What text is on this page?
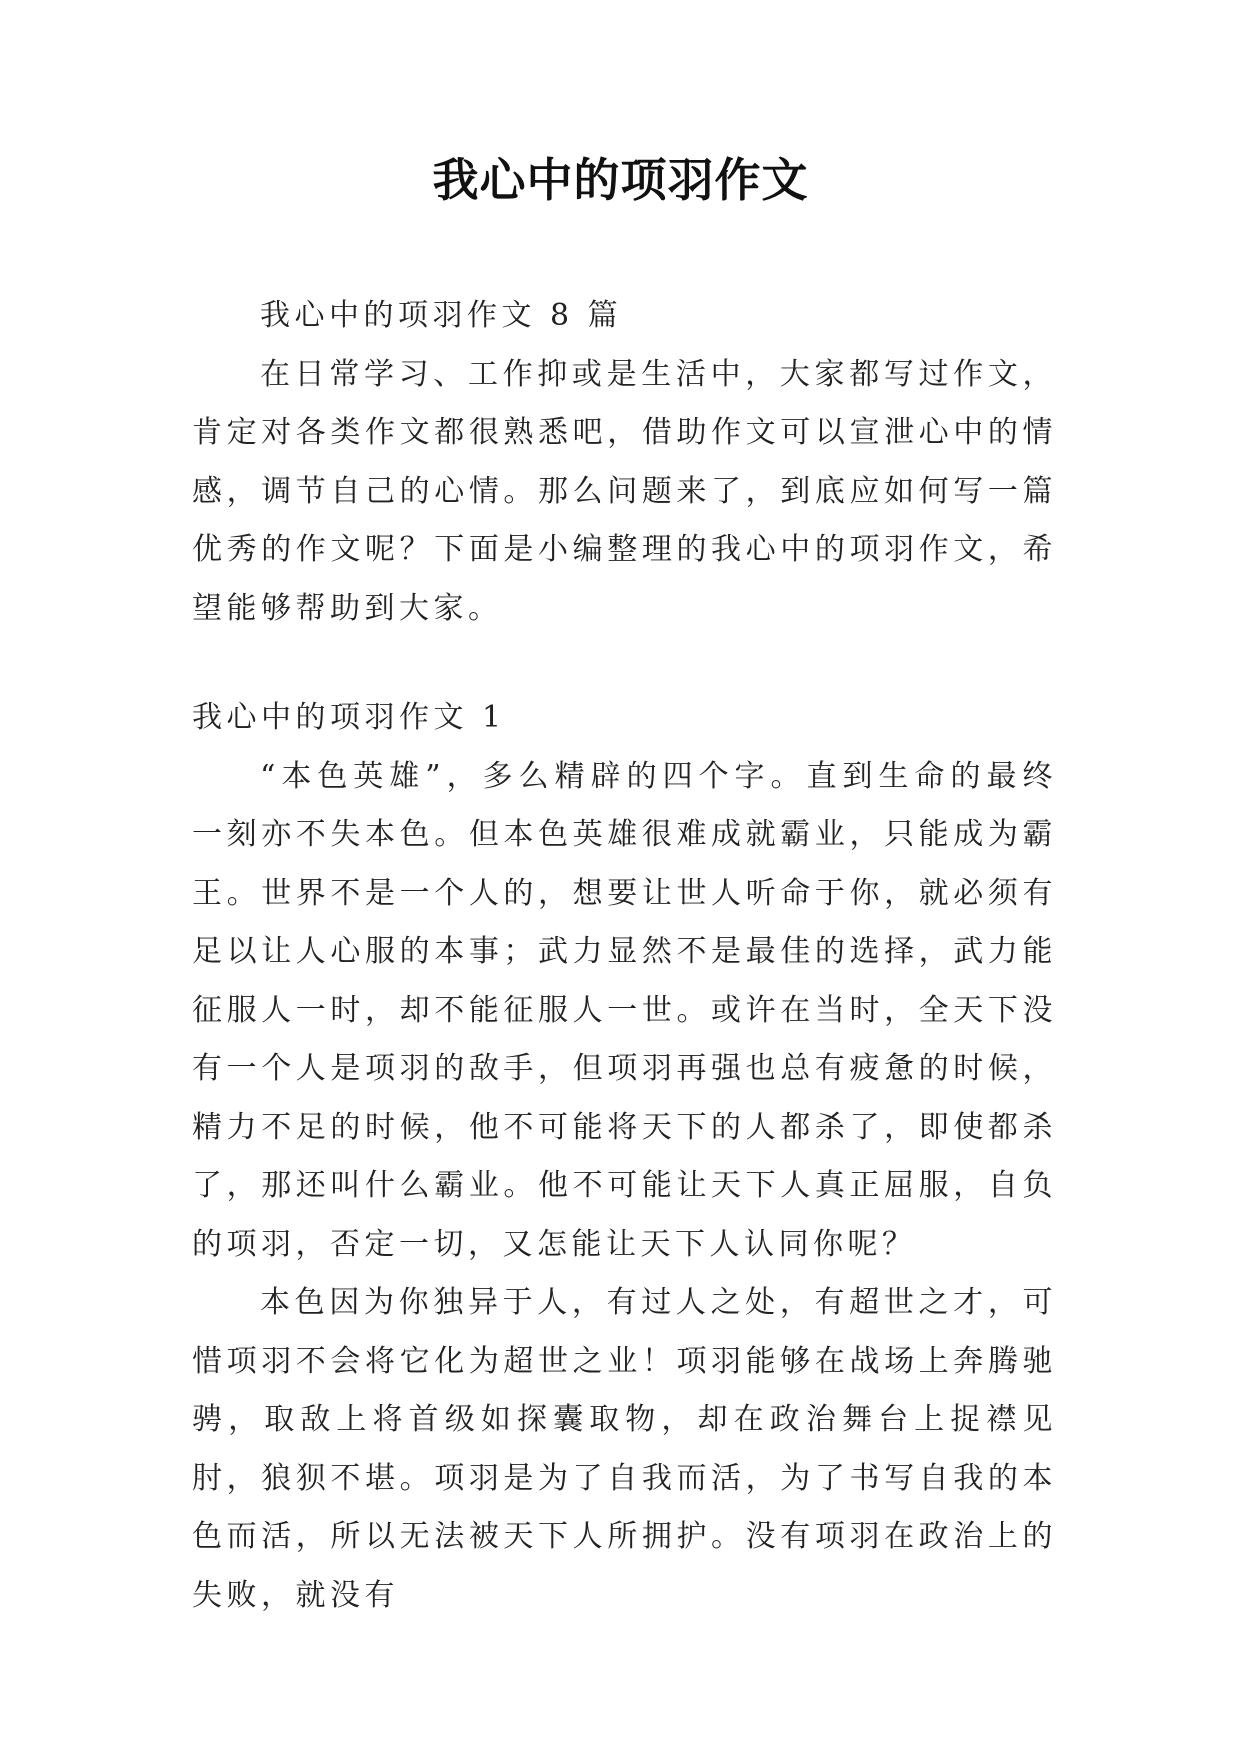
我心中的项羽作文

我心中的项羽作文 8 篇

在日常学习、工作抑或是生活中，大家都写过作文，肯定对各类作文都很熟悉吧，借助作文可以宣泄心中的情感，调节自己的心情。那么问题来了，到底应如何写一篇优秀的作文呢？下面是小编整理的我心中的项羽作文，希望能够帮助到大家。

我心中的项羽作文 1

“本色英雄”，多么精辟的四个字。直到生命的最终一刻亦不失本色。但本色英雄很难成就霸业，只能成为霸王。世界不是一个人的，想要让世人听命于你，就必须有足以让人心服的本事；武力显然不是最佳的选择，武力能征服人一时，却不能征服人一世。或许在当时，全天下没有一个人是项羽的敌手，但项羽再强也总有疲惫的时候，精力不足的时候，他不可能将天下的人都杀了，即使都杀了，那还叫什么霸业。他不可能让天下人真正屈服，自负的项羽，否定一切，又怎能让天下人认同你呢？

本色因为你独异于人，有过人之处，有超世之才，可惜项羽不会将它化为超世之业！项羽能够在战场上奔腾驰骋，取敌上将首级如探囊取物，却在政治舞台上捉襟见肘，狼狈不堪。项羽是为了自我而活，为了书写自我的本色而活，所以无法被天下人所拥护。没有项羽在政治上的失败，就没有
